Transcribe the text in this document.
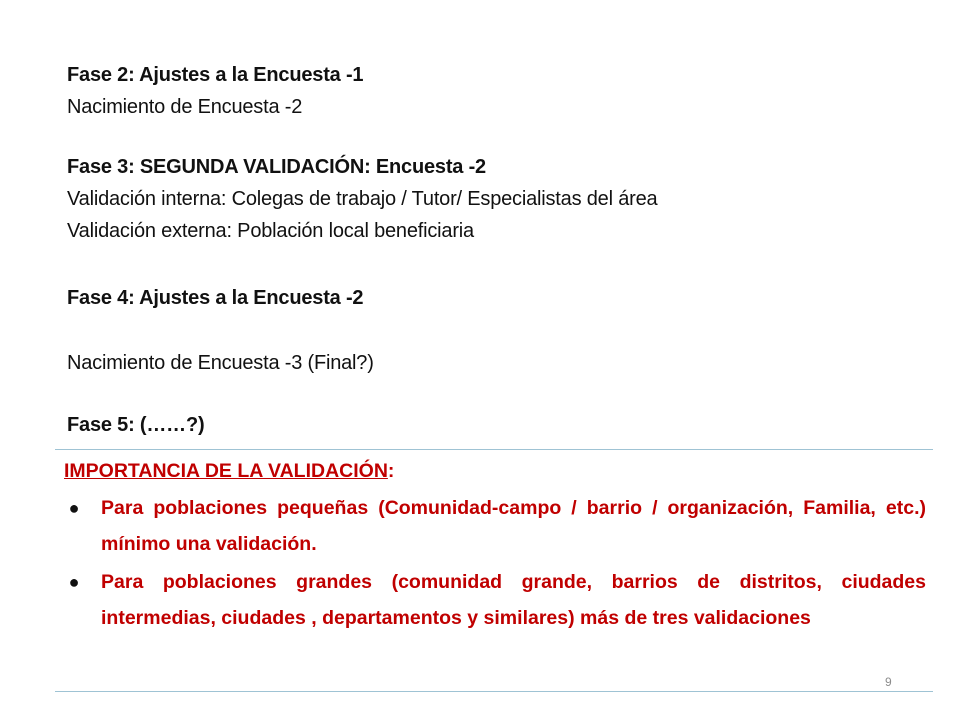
Fase 2: Ajustes a la Encuesta -1
Nacimiento de Encuesta -2
Fase 3: SEGUNDA VALIDACIÓN: Encuesta -2
Validación interna: Colegas de trabajo / Tutor/ Especialistas del área
Validación externa: Población local beneficiaria
Fase 4: Ajustes a la Encuesta -2
Nacimiento de Encuesta -3 (Final?)
Fase 5: (……?)
IMPORTANCIA DE LA VALIDACIÓN:
● Para poblaciones pequeñas (Comunidad-campo / barrio / organización, Familia, etc.) mínimo una validación.
● Para poblaciones grandes (comunidad grande, barrios de distritos, ciudades intermedias, ciudades , departamentos y similares) más de tres validaciones
9
